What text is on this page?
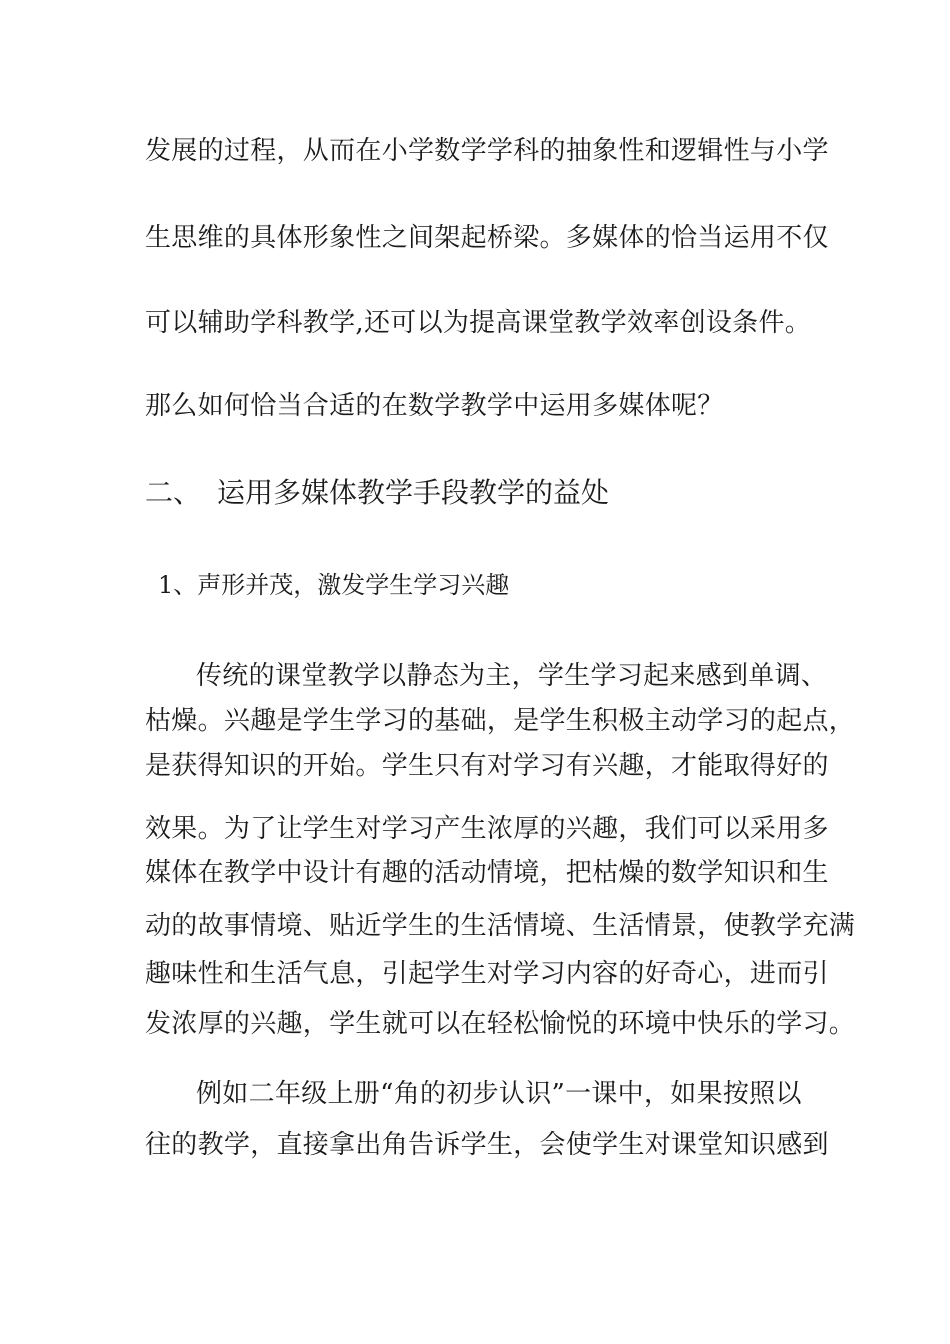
发展的过程，从而在小学数学学科的抽象性和逻辑性与小学
生思维的具体形象性之间架起桥梁。多媒体的恰当运用不仅
可以辅助学科教学,还可以为提高课堂教学效率创设条件。
那么如何恰当合适的在数学教学中运用多媒体呢？
二、 运用多媒体教学手段教学的益处
1、声形并茂，激发学生学习兴趣
传统的课堂教学以静态为主，学生学习起来感到单调、
枯燥。兴趣是学生学习的基础，是学生积极主动学习的起点，
是获得知识的开始。学生只有对学习有兴趣，才能取得好的
效果。为了让学生对学习产生浓厚的兴趣，我们可以采用多
媒体在教学中设计有趣的活动情境，把枯燥的数学知识和生
动的故事情境、贴近学生的生活情境、生活情景，使教学充满
趣味性和生活气息，引起学生对学习内容的好奇心，进而引
发浓厚的兴趣，学生就可以在轻松愉悦的环境中快乐的学习。
例如二年级上册“角的初步认识”一课中，如果按照以
往的教学，直接拿出角告诉学生，会使学生对课堂知识感到
